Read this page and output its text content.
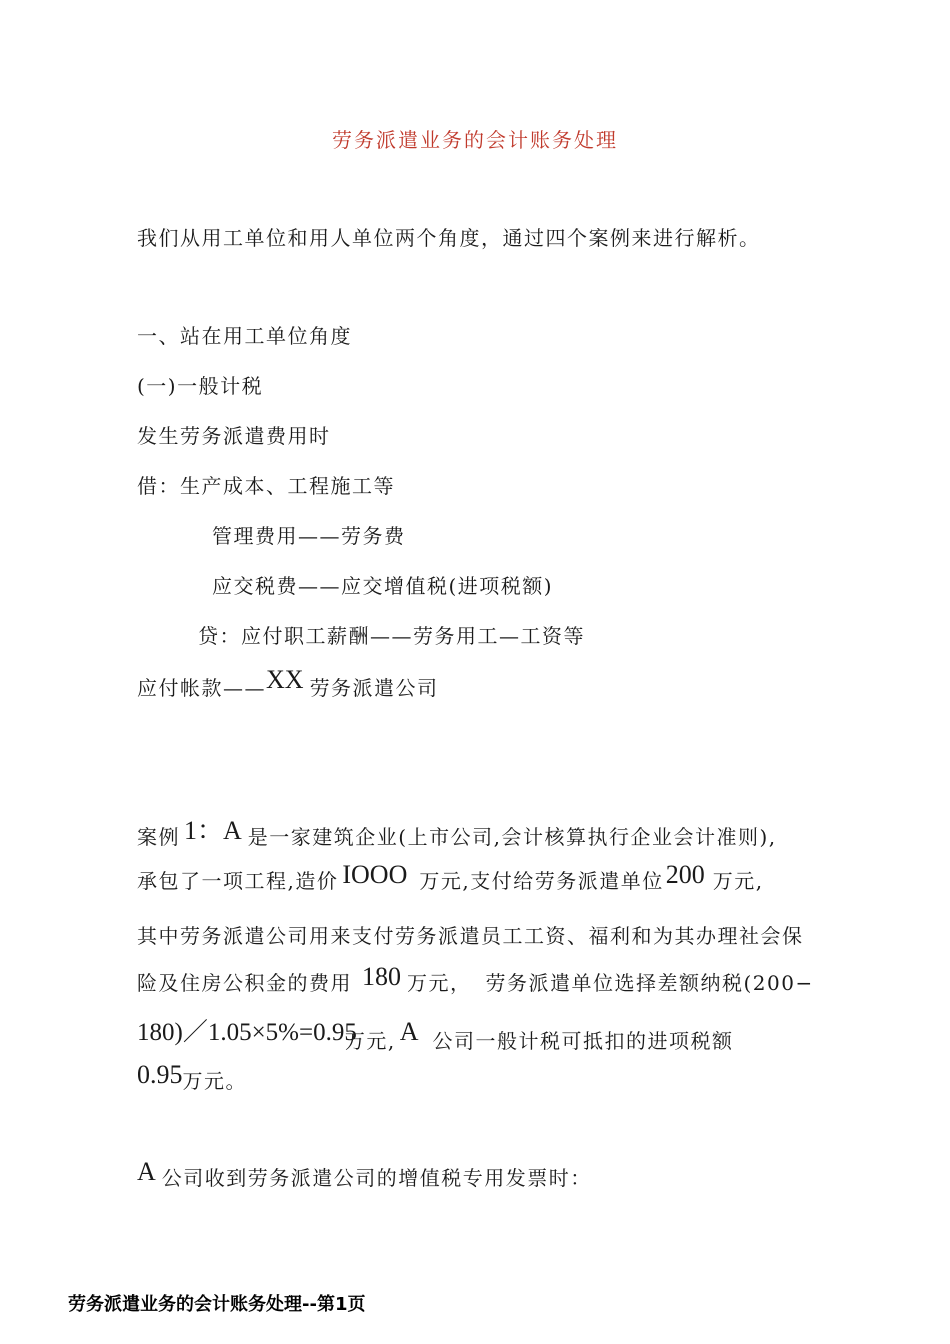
劳务派遣业务的会计账务处理
我们从用工单位和用人单位两个角度，通过四个案例来进行解析。
一、站在用工单位角度
(一)一般计税
发生劳务派遣费用时
借：生产成本、工程施工等
管理费用——劳务费
应交税费——应交增值税(进项税额)
贷：应付职工薪酬——劳务用工—工资等
应付帐款——XX 劳务派遣公司
案例 1：A 是一家建筑企业(上市公司,会计核算执行企业会计准则),
承包了一项工程,造价 IOOO 万元,支付给劳务派遣单位200 万元,
其中劳务派遣公司用来支付劳务派遣员工工资、福利和为其办理社会保
险及住房公积金的费用 180 万元， 劳务派遣单位选择差额纳税(200−
180)／1.05×5%=0.95万元, A 公司一般计税可抵扣的进项税额
0.95万元。
A 公司收到劳务派遣公司的增值税专用发票时：
劳务派遣业务的会计账务处理--第1页
